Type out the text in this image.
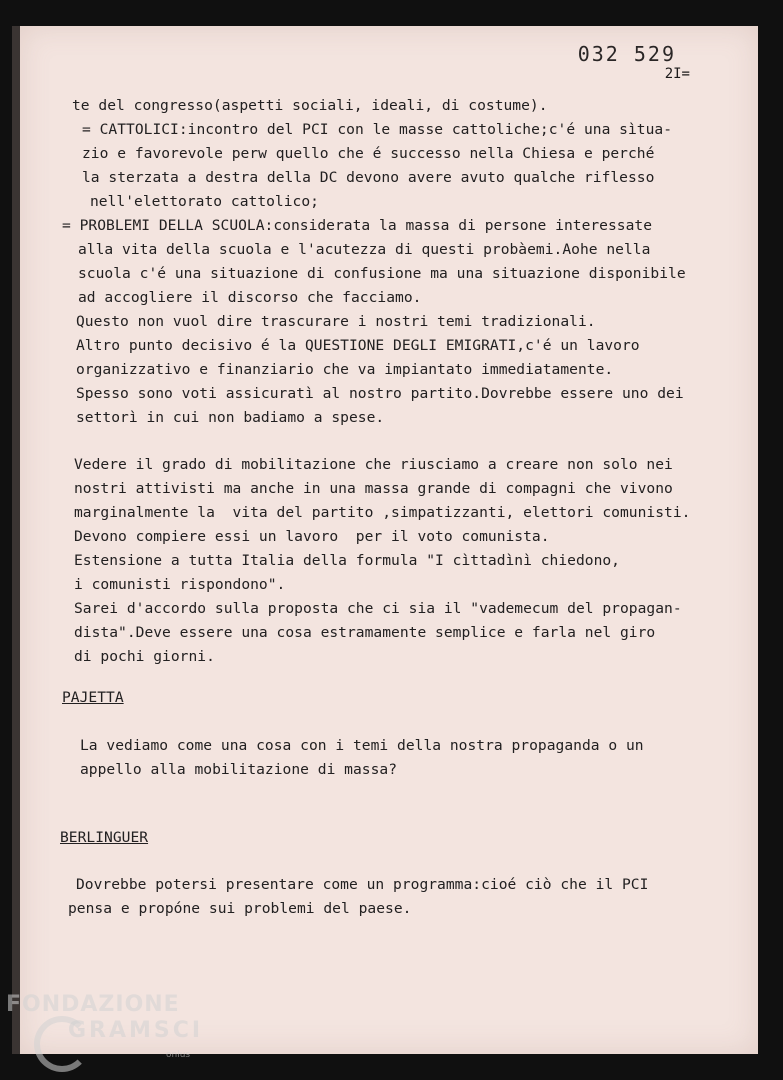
032 529
2I=
te del congresso(aspetti sociali, ideali, di costume).
= CATTOLICI:incontro del PCI con le masse cattoliche;c'é una sìtua-
zio e favorevole perw quello che é successo nella Chiesa e perché
la sterzata a destra della DC devono avere avuto qualche riflesso
nell'elettorato cattolico;
= PROBLEMI DELLA SCUOLA:considerata la massa di persone interessate
alla vita della scuola e l'acutezza di questi probàemi.Aohe nella
scuola c'é una situazione di confusione ma una situazione disponibile
ad accogliere il discorso che facciamo.
Questo non vuol dire trascurare i nostri temi tradizionali.
Altro punto decisivo é la QUESTIONE DEGLI EMIGRATI,c'é un lavoro
organizzativo e finanziario che va impiantato immediatamente.
Spesso sono voti assicuratì al nostro partito.Dovrebbe essere uno dei
settorì in cui non badiamo a spese.
Vedere il grado di mobilitazione che riusciamo a creare non solo nei
nostri attivisti ma anche in una massa grande di compagni che vivono
marginalmente la  vita del partito ,simpatizzanti, elettori comunisti.
Devono compiere essi un lavoro  per il voto comunista.
Estensione a tutta Italia della formula "I cìttadìnì chiedono,
i comunisti rispondono".
Sarei d'accordo sulla proposta che ci sia il "vademecum del propagan-
dista".Deve essere una cosa estramamente semplice e farla nel giro
di pochi giorni.
PAJETTA
La vediamo come una cosa con i temi della nostra propaganda o un
appello alla mobilitazione di massa?
BERLINGUER
Dovrebbe potersi presentare come un programma:cioé ciò che il PCI
pensa e propóne sui problemi del paese.
FONDAZIONE
GRAMSCI
onlus
